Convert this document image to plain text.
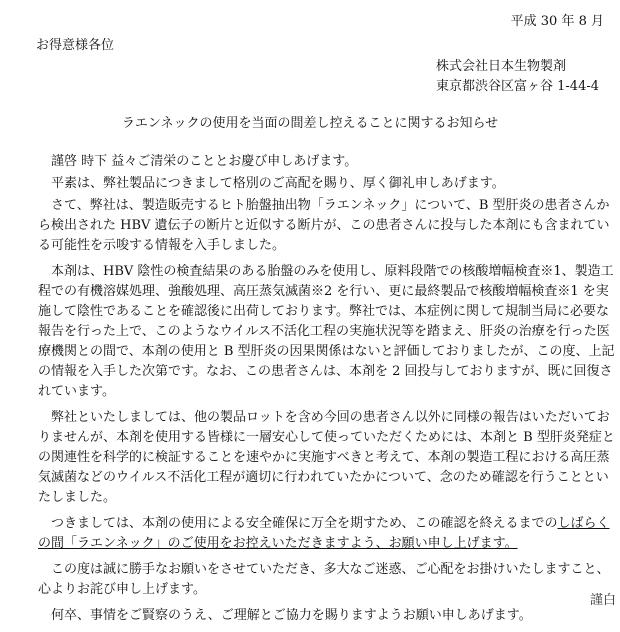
平成 30 年 8 月
お得意様各位
株式会社日本生物製剤
東京都渋谷区富ヶ谷 1-44-4
ラエンネックの使用を当面の間差し控えることに関するお知らせ

謹啓 時下 益々ご清栄のこととお慶び申しあげます。

平素は、弊社製品につきまして格別のご高配を賜り、厚く御礼申しあげます。

さて、弊社は、製造販売するヒト胎盤抽出物「ラエンネック」について、B 型肝炎の患者さんから検出された HBV 遺伝子の断片と近似する断片が、この患者さんに投与した本剤にも含まれている可能性を示唆する情報を入手しました。

本剤は、HBV 陰性の検査結果のある胎盤のみを使用し、原料段階での核酸増幅検査※1、製造工程での有機溶媒処理、強酸処理、高圧蒸気滅菌※2 を行い、更に最終製品で核酸増幅検査※1 を実施して陰性であることを確認後に出荷しております。弊社では、本症例に関して規制当局に必要な報告を行った上で、このようなウイルス不活化工程の実施状況等を踏まえ、肝炎の治療を行った医療機関との間で、本剤の使用と B 型肝炎の因果関係はないと評価しておりましたが、この度、上記の情報を入手した次第です。なお、この患者さんは、本剤を 2 回投与しておりますが、既に回復されています。

弊社といたしましては、他の製品ロットを含め今回の患者さん以外に同様の報告はいただいておりませんが、本剤を使用する皆様に一層安心して使っていただくためには、本剤と B 型肝炎発症との関連性を科学的に検証することを速やかに実施すべきと考えて、本剤の製造工程における高圧蒸気滅菌などのウイルス不活化工程が適切に行われていたかについて、念のため確認を行うことといたしました。

つきましては、本剤の使用による安全確保に万全を期すため、この確認を終えるまでのしばらくの間「ラエンネック」のご使用をお控えいただきますよう、お願い申し上げます。

この度は誠に勝手なお願いをさせていただき、多大なご迷惑、ご心配をお掛けいたしますこと、心よりお詫び申し上げます。

何卒、事情をご賢察のうえ、ご理解とご協力を賜りますようお願い申しあげます。

謹白
